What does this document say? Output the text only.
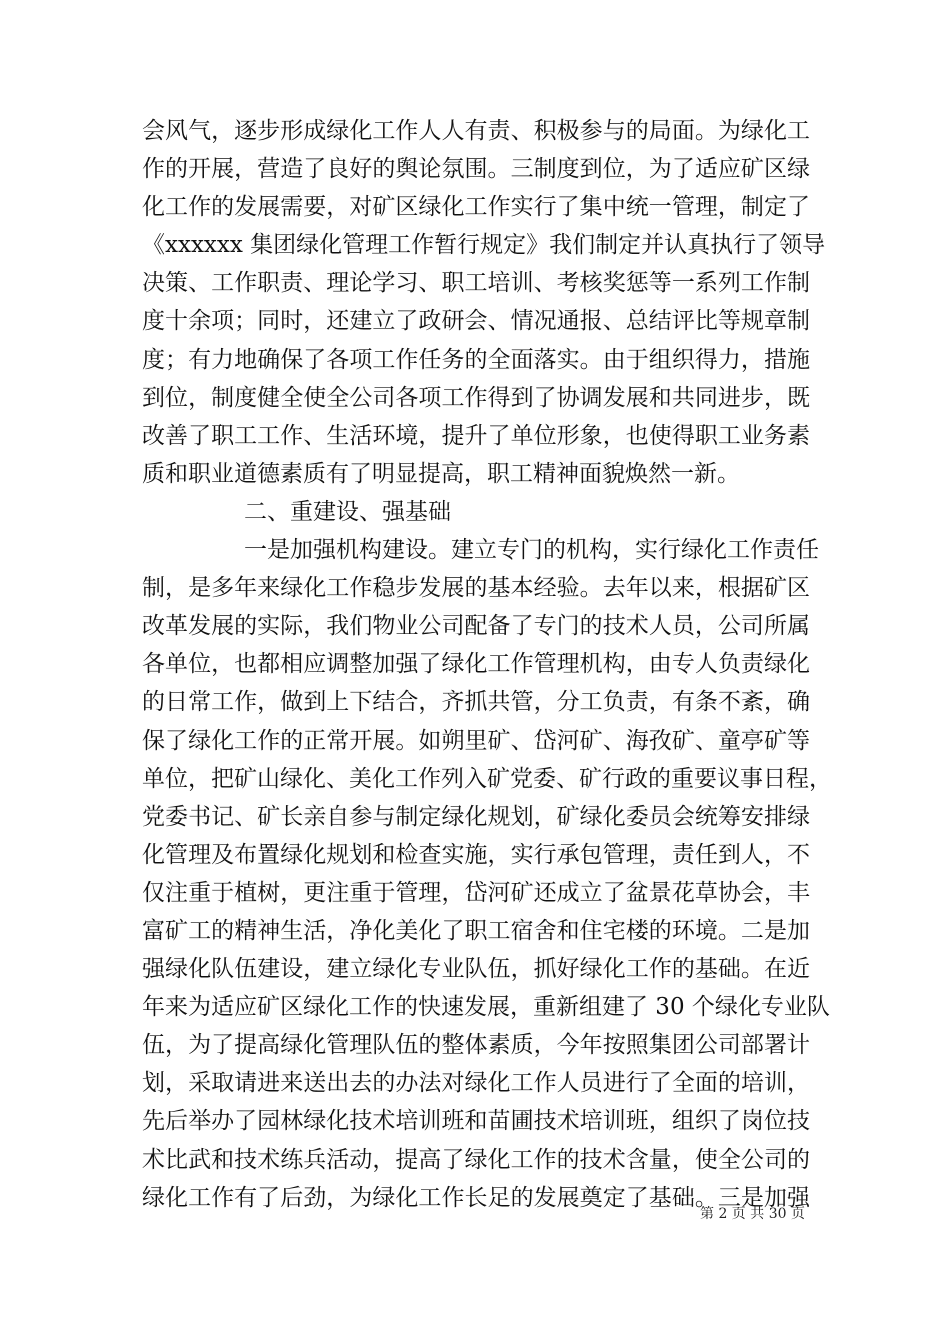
会风气，逐步形成绿化工作人人有责、积极参与的局面。为绿化工
作的开展，营造了良好的舆论氛围。三制度到位，为了适应矿区绿
化工作的发展需要，对矿区绿化工作实行了集中统一管理，制定了
《xxxxxx 集团绿化管理工作暂行规定》我们制定并认真执行了领导
决策、工作职责、理论学习、职工培训、考核奖惩等一系列工作制
度十余项；同时，还建立了政研会、情况通报、总结评比等规章制
度；有力地确保了各项工作任务的全面落实。由于组织得力，措施
到位，制度健全使全公司各项工作得到了协调发展和共同进步，既
改善了职工工作、生活环境，提升了单位形象，也使得职工业务素
质和职业道德素质有了明显提高，职工精神面貌焕然一新。
二、重建设、强基础
一是加强机构建设。建立专门的机构，实行绿化工作责任
制，是多年来绿化工作稳步发展的基本经验。去年以来，根据矿区
改革发展的实际，我们物业公司配备了专门的技术人员，公司所属
各单位，也都相应调整加强了绿化工作管理机构，由专人负责绿化
的日常工作，做到上下结合，齐抓共管，分工负责，有条不紊，确
保了绿化工作的正常开展。如朔里矿、岱河矿、海孜矿、童亭矿等
单位，把矿山绿化、美化工作列入矿党委、矿行政的重要议事日程，
党委书记、矿长亲自参与制定绿化规划，矿绿化委员会统筹安排绿
化管理及布置绿化规划和检查实施，实行承包管理，责任到人，不
仅注重于植树，更注重于管理，岱河矿还成立了盆景花草协会，丰
富矿工的精神生活，净化美化了职工宿舍和住宅楼的环境。二是加
强绿化队伍建设，建立绿化专业队伍，抓好绿化工作的基础。在近
年来为适应矿区绿化工作的快速发展，重新组建了 30 个绿化专业队
伍，为了提高绿化管理队伍的整体素质，今年按照集团公司部署计
划，采取请进来送出去的办法对绿化工作人员进行了全面的培训，
先后举办了园林绿化技术培训班和苗圃技术培训班，组织了岗位技
术比武和技术练兵活动，提高了绿化工作的技术含量，使全公司的
绿化工作有了后劲，为绿化工作长足的发展奠定了基础。三是加强
第 2 页 共 30 页
